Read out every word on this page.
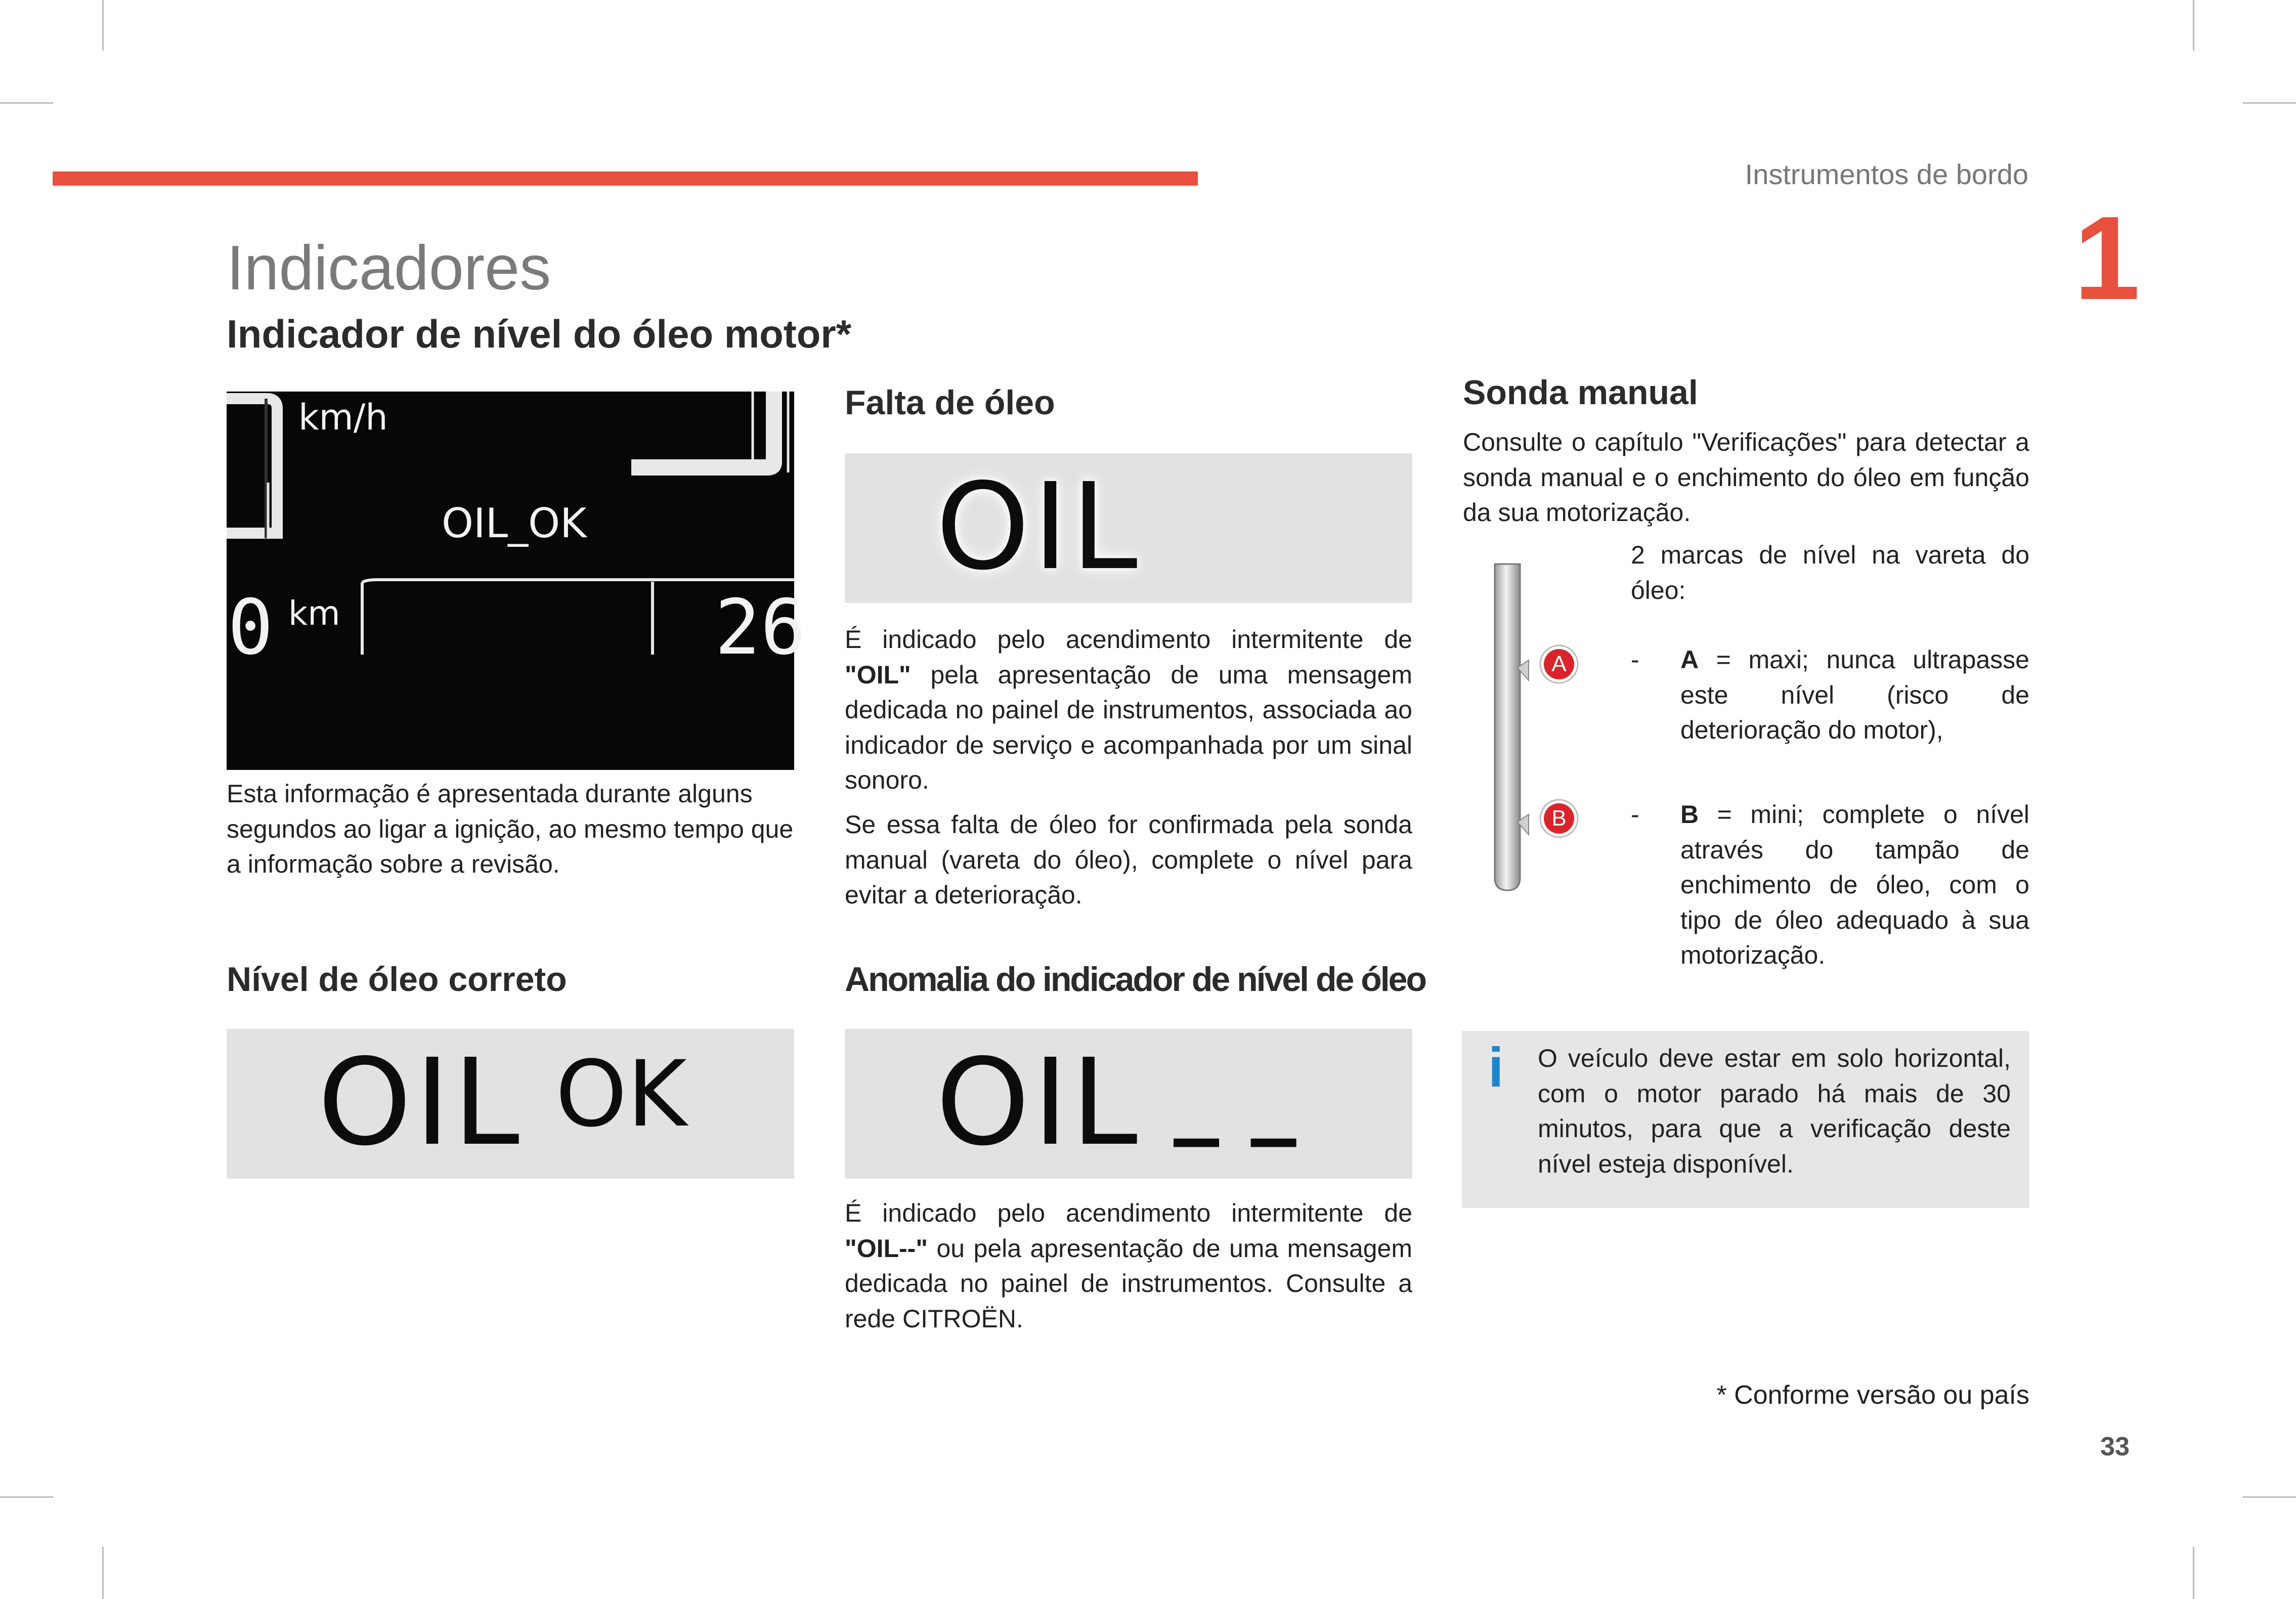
Instrumentos de bordo
1
Indicadores
Indicador de nível do óleo motor*
km/h
OIL_OK
0 km	26
Esta informação é apresentada durante alguns segundos ao ligar a ignição, ao mesmo tempo que a informação sobre a revisão.
Nível de óleo correto
OIL OK
Falta de óleo
OIL
É indicado pelo acendimento intermitente de "OIL" pela apresentação de uma mensagem dedicada no painel de instrumentos, associada ao indicador de serviço e acompanhada por um sinal sonoro.
Se essa falta de óleo for confirmada pela sonda manual (vareta do óleo), complete o nível para evitar a deterioração.
Anomalia do indicador de nível de óleo
OIL _ _
É indicado pelo acendimento intermitente de "OIL--" ou pela apresentação de uma mensagem dedicada no painel de instrumentos. Consulte a rede CITROËN.
Sonda manual
Consulte o capítulo "Verificações" para detectar a sonda manual e o enchimento do óleo em função da sua motorização.
A
B
2 marcas de nível na vareta do óleo:
- A = maxi; nunca ultrapasse este nível (risco de deterioração do motor),
- B = mini; complete o nível através do tampão de enchimento de óleo, com o tipo de óleo adequado à sua motorização.
i O veículo deve estar em solo horizontal, com o motor parado há mais de 30 minutos, para que a verificação deste nível esteja disponível.
* Conforme versão ou país
33
